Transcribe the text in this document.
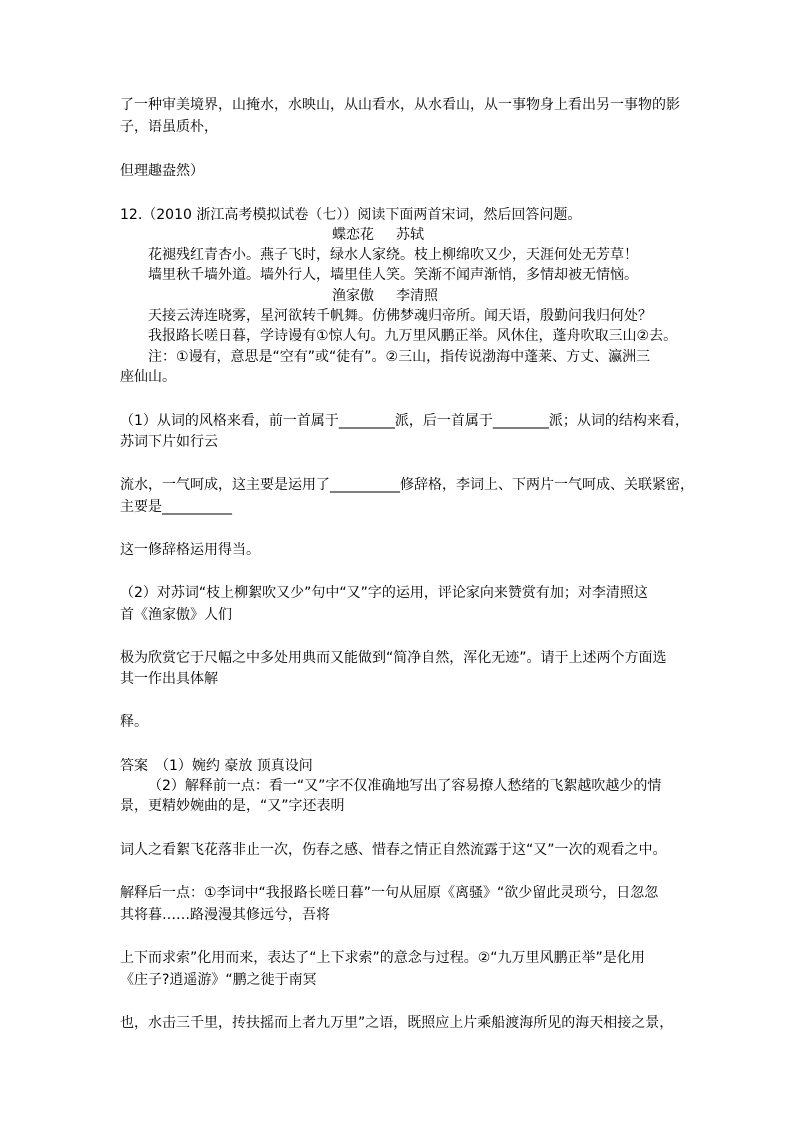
了一种审美境界，山掩水，水映山，从山看水，从水看山，从一事物身上看出另一事物的影
子，语虽质朴，
但理趣盎然）
12.（2010 浙江高考模拟试卷（七））阅读下面两首宋词，然后回答问题。
蝶恋花 苏轼
花褪残红青杏小。燕子飞时，绿水人家绕。枝上柳绵吹又少，天涯何处无芳草！
墙里秋千墙外道。墙外行人，墙里佳人笑。笑渐不闻声渐悄，多情却被无情恼。
渔家傲 李清照
天接云涛连晓雾，星河欲转千帆舞。仿佛梦魂归帝所。闻天语，殷勤问我归何处？
我报路长嗟日暮，学诗谩有①惊人句。九万里风鹏正举。风休住，蓬舟吹取三山②去。
注：①谩有，意思是“空有”或“徒有”。②三山，指传说渤海中蓬莱、方丈、瀛洲三
座仙山。
（1）从词的风格来看，前一首属于________派，后一首属于________派；从词的结构来看，
苏词下片如行云
流水，一气呵成，这主要是运用了__________修辞格，李词上、下两片一气呵成、关联紧密，
主要是__________
这一修辞格运用得当。
（2）对苏词“枝上柳絮吹又少”句中“又”字的运用，评论家向来赞赏有加；对李清照这
首《渔家傲》人们
极为欣赏它于尺幅之中多处用典而又能做到“简净自然，浑化无迹”。请于上述两个方面选
其一作出具体解
释。
答案　（1）婉约 豪放 顶真设问
（2）解释前一点：看一“又”字不仅准确地写出了容易撩人愁绪的飞絮越吹越少的情
景，更精妙婉曲的是，“又”字还表明
词人之看絮飞花落非止一次，伤春之感、惜春之情正自然流露于这“又”一次的观看之中。
解释后一点：①李词中“我报路长嗟日暮”一句从屈原《离骚》“欲少留此灵琐兮，日忽忽
其将暮……路漫漫其修远兮，吾将
上下而求索”化用而来，表达了“上下求索”的意念与过程。②“九万里风鹏正举”是化用
《庄子?逍遥游》“鹏之徙于南冥
也，水击三千里，抟扶摇而上者九万里”之语，既照应上片乘船渡海所见的海天相接之景，
